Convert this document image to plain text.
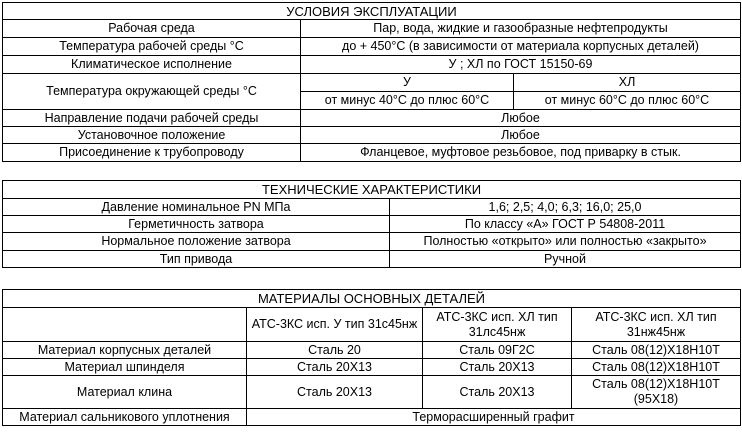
УСЛОВИЯ ЭКСПЛУАТАЦИИ		
Рабочая среда	Пар, вода, жидкие и газообразные нефтепродукты	
Температура рабочей среды °С	до + 450°С (в зависимости от материала корпусных деталей)	
Климатическое исполнение	У ; ХЛ по ГОСТ 15150-69	
Температура окружающей среды °С	У	ХЛ
	от минус 40°С до плюс 60°С	от минус 60°С до плюс 60°С
Направление подачи рабочей среды	Любое	
Установочное положение	Любое	
Присоединение к трубопроводу	Фланцевое, муфтовое резьбовое, под приварку в стык.	
ТЕХНИЧЕСКИЕ ХАРАКТЕРИСТИКИ	
Давление номинальное PN МПа	1,6; 2,5; 4,0; 6,3; 16,0; 25,0
Герметичность затвора	По классу «А» ГОСТ Р 54808-2011
Нормальное положение затвора	Полностью «открыто» или полностью «закрыто»
Тип привода	Ручной
МАТЕРИАЛЫ ОСНОВНЫХ ДЕТАЛЕЙ			
	АТС-3КС исп. У тип 31с45нж	АТС-3КС исп. ХЛ тип 31лс45нж	АТС-3КС исп. ХЛ тип 31нж45нж
Материал корпусных деталей	Сталь 20	Сталь 09Г2С	Сталь 08(12)Х18Н10Т
Материал шпинделя	Сталь 20Х13	Сталь 20Х13	Сталь 08(12)Х18Н10Т
Материал клина	Сталь 20Х13	Сталь 20Х13	Сталь 08(12)Х18Н10Т (95Х18)
Материал сальникового уплотнения	Терморасширенный графит		
